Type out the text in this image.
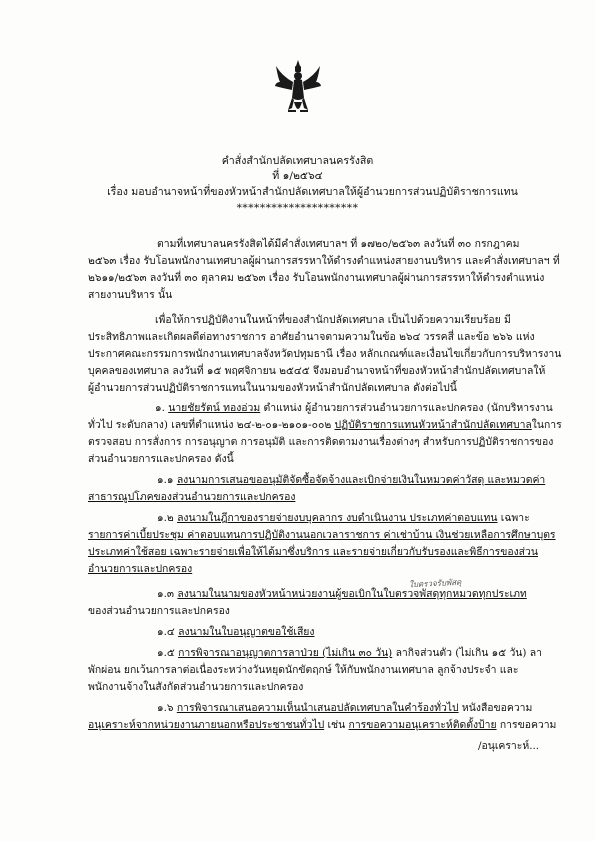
คำสั่งสำนักปลัดเทศบาลนครรังสิต
ที่ ๑/๒๕๖๔
เรื่อง มอบอำนาจหน้าที่ของหัวหน้าสำนักปลัดเทศบาลให้ผู้อำนวยการส่วนปฏิบัติราชการแทน
*********************
ตามที่เทศบาลนครรังสิตได้มีคำสั่งเทศบาลฯ ที่ ๑๗๒๐/๒๕๖๓ ลงวันที่ ๓๐ กรกฎาคม
๒๕๖๓ เรื่อง รับโอนพนักงานเทศบาลผู้ผ่านการสรรหาให้ดำรงตำแหน่งสายงานบริหาร และคำสั่งเทศบาลฯ ที่
๒๖๑๑/๒๕๖๓ ลงวันที่ ๓๐ ตุลาคม ๒๕๖๓ เรื่อง รับโอนพนักงานเทศบาลผู้ผ่านการสรรหาให้ดำรงตำแหน่ง
สายงานบริหาร นั้น
เพื่อให้การปฏิบัติงานในหน้าที่ของสำนักปลัดเทศบาล เป็นไปด้วยความเรียบร้อย มี
ประสิทธิภาพและเกิดผลดีต่อทางราชการ อาศัยอำนาจตามความในข้อ ๒๖๔ วรรคสี่ และข้อ ๒๖๖ แห่ง
ประกาศคณะกรรมการพนักงานเทศบาลจังหวัดปทุมธานี เรื่อง หลักเกณฑ์และเงื่อนไขเกี่ยวกับการบริหารงาน
บุคคลของเทศบาล ลงวันที่ ๑๕ พฤศจิกายน ๒๕๔๕ จึงมอบอำนาจหน้าที่ของหัวหน้าสำนักปลัดเทศบาลให้
ผู้อำนวยการส่วนปฏิบัติราชการแทนในนามของหัวหน้าสำนักปลัดเทศบาล ดังต่อไปนี้
๑. นายชัยรัตน์ ทองอ่วม ตำแหน่ง ผู้อำนวยการส่วนอำนวยการและปกครอง (นักบริหารงาน
ทั่วไป ระดับกลาง) เลขที่ตำแหน่ง ๒๔-๒-๐๑-๒๑๐๑-๐๐๒ ปฏิบัติราชการแทนหัวหน้าสำนักปลัดเทศบาลในการ
ตรวจสอบ การสั่งการ การอนุญาต การอนุมัติ และการติดตามงานเรื่องต่างๆ สำหรับการปฏิบัติราชการของ
ส่วนอำนวยการและปกครอง ดังนี้
๑.๑ ลงนามการเสนอขออนุมัติจัดซื้อจัดจ้างและเบิกจ่ายเงินในหมวดค่าวัสดุ และหมวดค่า
สาธารณูปโภคของส่วนอำนวยการและปกครอง
๑.๒ ลงนามในฎีกาของรายจ่ายงบบุคลากร งบดำเนินงาน ประเภทค่าตอบแทน เฉพาะ
รายการค่าเบี้ยประชุม ค่าตอบแทนการปฏิบัติงานนอกเวลาราชการ ค่าเช่าบ้าน เงินช่วยเหลือการศึกษาบุตร
ประเภทค่าใช้สอย เฉพาะรายจ่ายเพื่อให้ได้มาซึ่งบริการ และรายจ่ายเกี่ยวกับรับรองและพิธีการของส่วน
อำนวยการและปกครอง
ใบตรวจรับพัสดุ
๑.๓ ลงนามในนามของหัวหน้าหน่วยงานผู้ขอเบิกในใบตรวจพัสดุทุกหมวดทุกประเภท
ของส่วนอำนวยการและปกครอง
๑.๔ ลงนามในใบอนุญาตขอใช้เสียง
๑.๕ การพิจารณาอนุญาตการลาป่วย (ไม่เกิน ๓๐ วัน) ลากิจส่วนตัว (ไม่เกิน ๑๕ วัน) ลา
พักผ่อน ยกเว้นการลาต่อเนื่องระหว่างวันหยุดนักขัตฤกษ์ ให้กับพนักงานเทศบาล ลูกจ้างประจำ และ
พนักงานจ้างในสังกัดส่วนอำนวยการและปกครอง
๑.๖ การพิจารณาเสนอความเห็นนำเสนอปลัดเทศบาลในคำร้องทั่วไป หนังสือขอความ
อนุเคราะห์จากหน่วยงานภายนอกหรือประชาชนทั่วไป เช่น การขอความอนุเคราะห์ติดตั้งป้าย การขอความ
/อนุเคราะห์...
